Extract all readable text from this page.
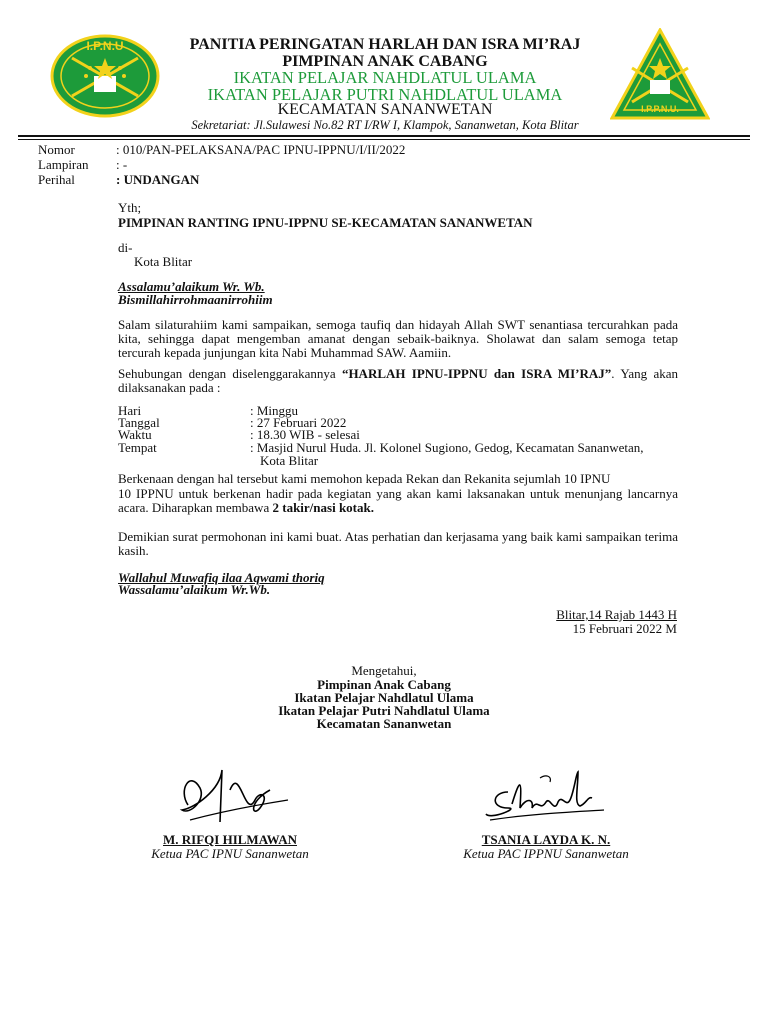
I.P.N.U
I.P.P.N.U.
PANITIA PERINGATAN HARLAH DAN ISRA MI’RAJ
PIMPINAN ANAK CABANG
IKATAN PELAJAR NAHDLATUL ULAMA
IKATAN PELAJAR PUTRI NAHDLATUL ULAMA
KECAMATAN SANANWETAN
Sekretariat: Jl.Sulawesi No.82 RT I/RW I, Klampok, Sananwetan, Kota Blitar
Nomor	: 010/PAN-PELAKSANA/PAC IPNU-IPPNU/I/II/2022
Lampiran : -
Perihal	: UNDANGAN
Yth;
PIMPINAN RANTING IPNU-IPPNU SE-KECAMATAN SANANWETAN
di-
Kota Blitar
Assalamu’alaikum Wr. Wb.
Bismillahirrohmaanirrohiim
Salam silaturahiim kami sampaikan, semoga taufiq dan hidayah Allah SWT senantiasa tercurahkan pada kita, sehingga dapat mengemban amanat dengan sebaik-baiknya. Sholawat dan salam semoga tetap tercurah kepada junjungan kita Nabi Muhammad SAW. Aamiin.
Sehubungan dengan diselenggarakannya “HARLAH IPNU-IPPNU dan ISRA MI’RAJ”. Yang akan dilaksanakan pada :
Hari	: Minggu
Tanggal	: 27 Februari 2022
Waktu	: 18.30 WIB - selesai
Tempat	: Masjid Nurul Huda. Jl. Kolonel Sugiono, Gedog, Kecamatan Sananwetan,
Kota Blitar
Berkenaan dengan hal tersebut kami memohon kepada Rekan dan Rekanita sejumlah 10 IPNU
10 IPPNU untuk berkenan hadir pada kegiatan yang akan kami laksanakan untuk menunjang lancarnya acara. Diharapkan membawa 2 takir/nasi kotak.
Demikian surat permohonan ini kami buat. Atas perhatian dan kerjasama yang baik kami sampaikan terima kasih.
Wallahul Muwafiq ilaa Aqwami thoriq
Wassalamu’alaikum Wr.Wb.
Blitar,14 Rajab 1443 H
15 Februari 2022 M
Mengetahui,
Pimpinan Anak Cabang
Ikatan Pelajar Nahdlatul Ulama
Ikatan Pelajar Putri Nahdlatul Ulama
Kecamatan Sananwetan
M. RIFQI HILMAWAN
Ketua PAC IPNU Sananwetan
TSANIA LAYDA K. N.
Ketua PAC IPPNU Sananwetan
